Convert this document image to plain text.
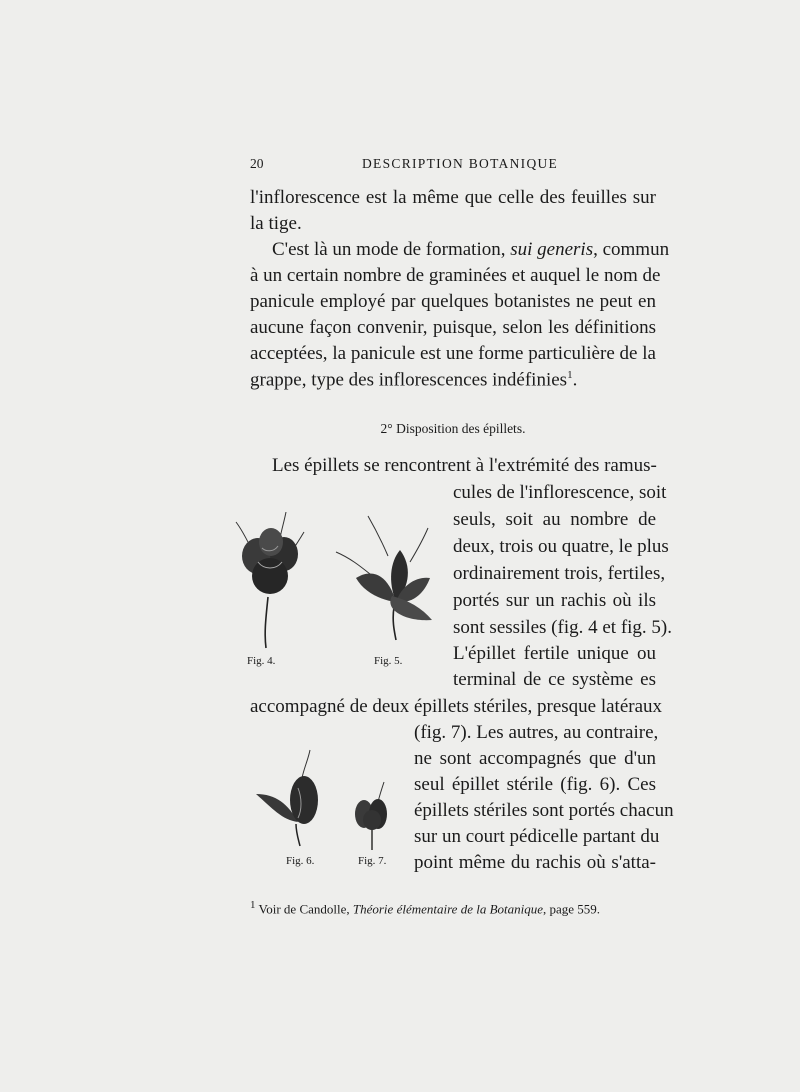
20	DESCRIPTION BOTANIQUE
l'inflorescence est la même que celle des feuilles sur
la tige.
C'est là un mode de formation, sui generis, commun
à un certain nombre de graminées et auquel le nom de
panicule employé par quelques botanistes ne peut en
aucune façon convenir, puisque, selon les définitions
acceptées, la panicule est une forme particulière de la
grappe, type des inflorescences indéfinies$^1$.
2° Disposition des épillets.
Les épillets se rencontrent à l'extrémité des ramus-
cules de l'inflorescence, soit
seuls, soit au nombre de
deux, trois ou quatre, le plus
ordinairement trois, fertiles,
portés sur un rachis où ils
sont sessiles (fig. 4 et fig. 5).
L'épillet fertile unique ou
terminal de ce système es
accompagné de deux épillets stériles, presque latéraux
(fig. 7). Les autres, au contraire,
ne sont accompagnés que d'un
seul épillet stérile (fig. 6). Ces
épillets stériles sont portés chacun
sur un court pédicelle partant du
point même du rachis où s'atta-
Fig. 4.	Fig. 5.
Fig. 6.	Fig. 7.
$^1$ Voir de Candolle, Théorie élémentaire de la Botanique, page 559.
